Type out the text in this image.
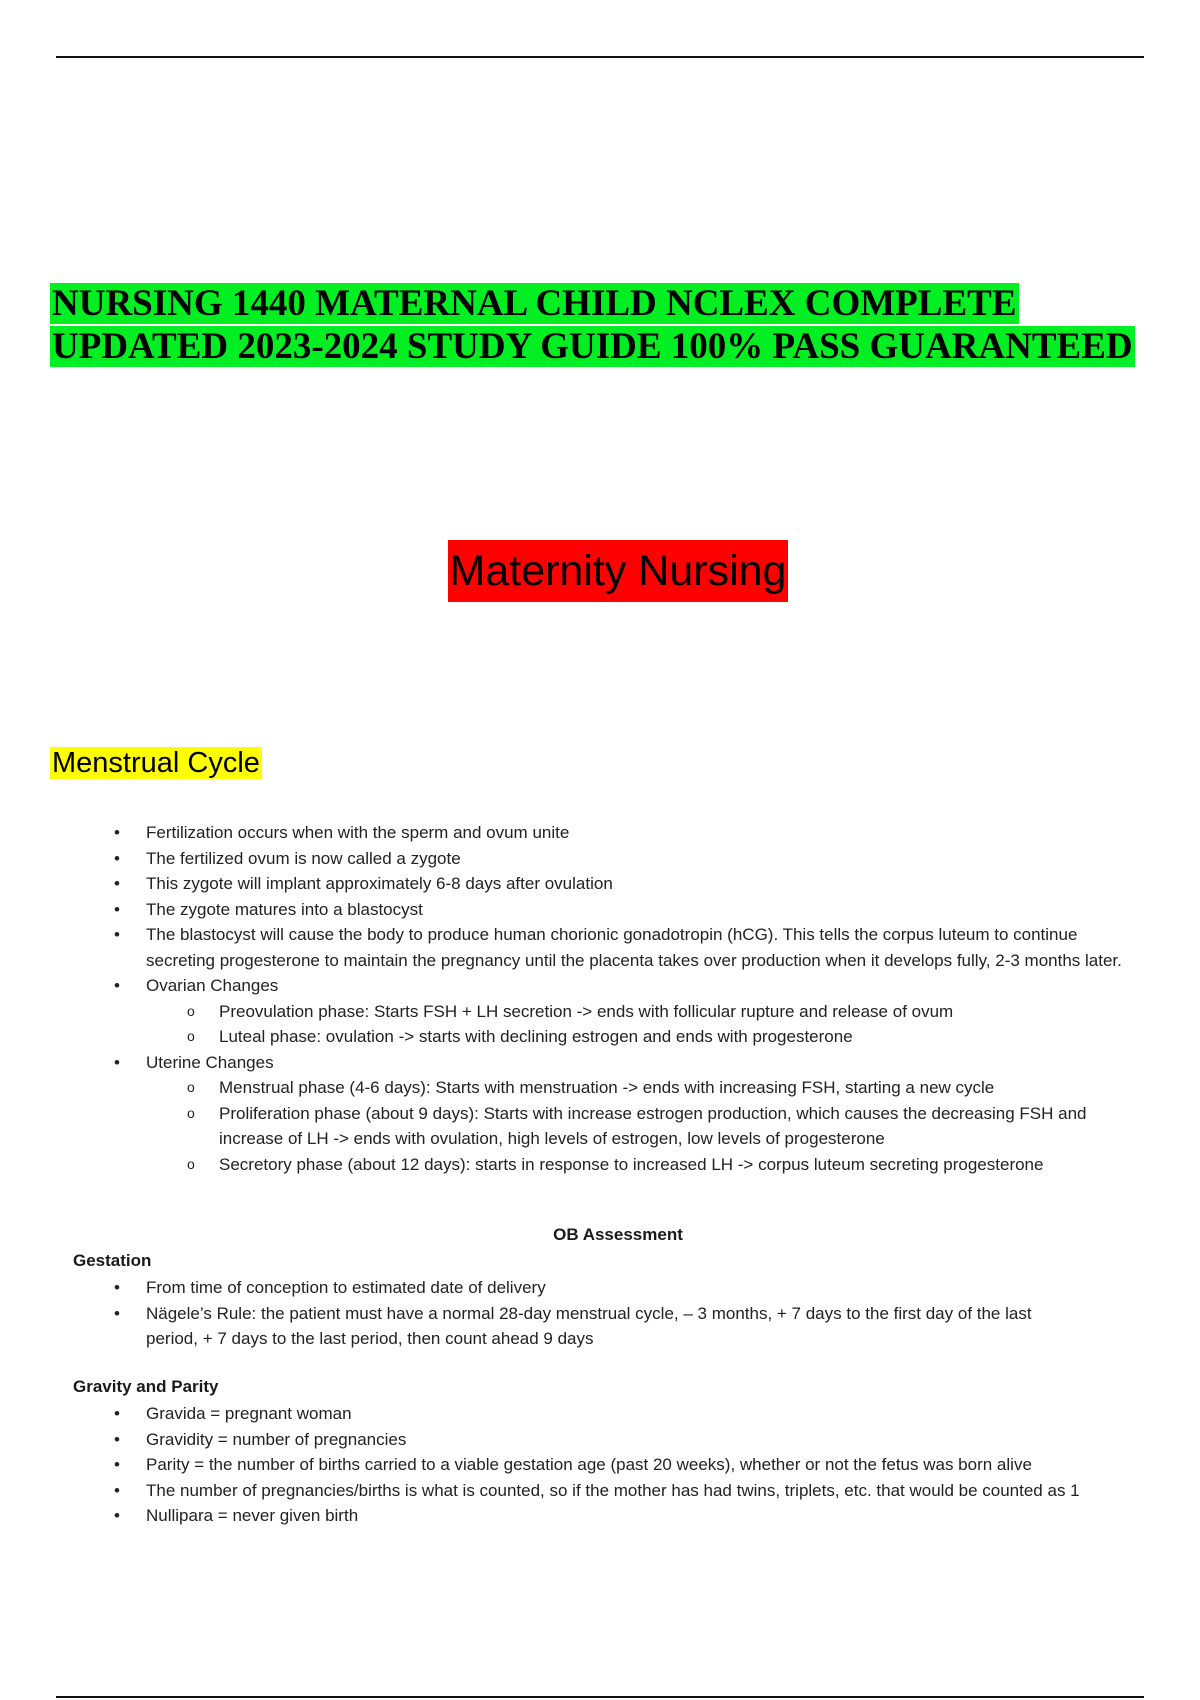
NURSING 1440 MATERNAL CHILD NCLEX COMPLETE UPDATED 2023-2024 STUDY GUIDE 100% PASS GUARANTEED
Maternity Nursing
Menstrual Cycle
• Fertilization occurs when with the sperm and ovum unite
• The fertilized ovum is now called a zygote
• This zygote will implant approximately 6-8 days after ovulation
• The zygote matures into a blastocyst
• The blastocyst will cause the body to produce human chorionic gonadotropin (hCG). This tells the corpus luteum to continue secreting progesterone to maintain the pregnancy until the placenta takes over production when it develops fully, 2-3 months later.
• Ovarian Changes
o Preovulation phase: Starts FSH + LH secretion -> ends with follicular rupture and release of ovum
o Luteal phase: ovulation -> starts with declining estrogen and ends with progesterone
• Uterine Changes
o Menstrual phase (4-6 days): Starts with menstruation -> ends with increasing FSH, starting a new cycle
o Proliferation phase (about 9 days): Starts with increase estrogen production, which causes the decreasing FSH and increase of LH -> ends with ovulation, high levels of estrogen, low levels of progesterone
o Secretory phase (about 12 days): starts in response to increased LH -> corpus luteum secreting progesterone
OB Assessment
Gestation
• From time of conception to estimated date of delivery
• Nägele’s Rule: the patient must have a normal 28-day menstrual cycle, – 3 months, + 7 days to the first day of the last period, + 7 days to the last period, then count ahead 9 days
Gravity and Parity
• Gravida = pregnant woman
• Gravidity = number of pregnancies
• Parity = the number of births carried to a viable gestation age (past 20 weeks), whether or not the fetus was born alive
• The number of pregnancies/births is what is counted, so if the mother has had twins, triplets, etc. that would be counted as 1
• Nullipara = never given birth
